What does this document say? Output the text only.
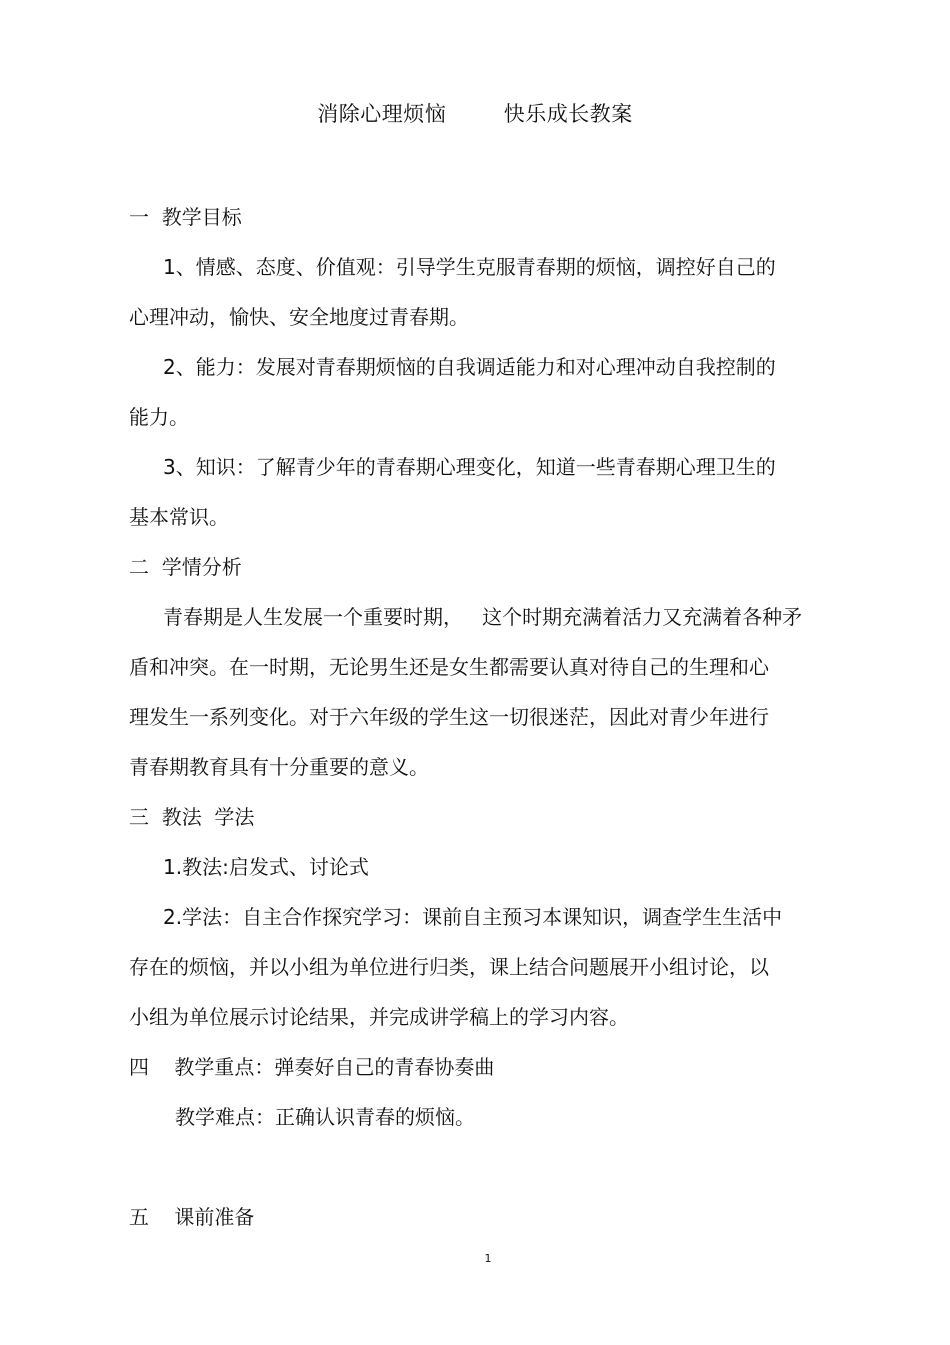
消除心理烦恼        快乐成长教案
一  教学目标
1、情感、态度、价值观：引导学生克服青春期的烦恼，调控好自己的
心理冲动，愉快、安全地度过青春期。
2、能力：发展对青春期烦恼的自我调适能力和对心理冲动自我控制的
能力。
3、知识：了解青少年的青春期心理变化，知道一些青春期心理卫生的
基本常识。
二  学情分析
青春期是人生发展一个重要时期，   这个时期充满着活力又充满着各种矛
盾和冲突。在一时期，无论男生还是女生都需要认真对待自己的生理和心
理发生一系列变化。对于六年级的学生这一切很迷茫，因此对青少年进行
青春期教育具有十分重要的意义。
三  教法  学法
1.教法:启发式、讨论式
2.学法：自主合作探究学习：课前自主预习本课知识，调查学生生活中
存在的烦恼，并以小组为单位进行归类，课上结合问题展开小组讨论，以
小组为单位展示讨论结果，并完成讲学稿上的学习内容。
四    教学重点：弹奏好自己的青春协奏曲
教学难点：正确认识青春的烦恼。
五    课前准备
1
